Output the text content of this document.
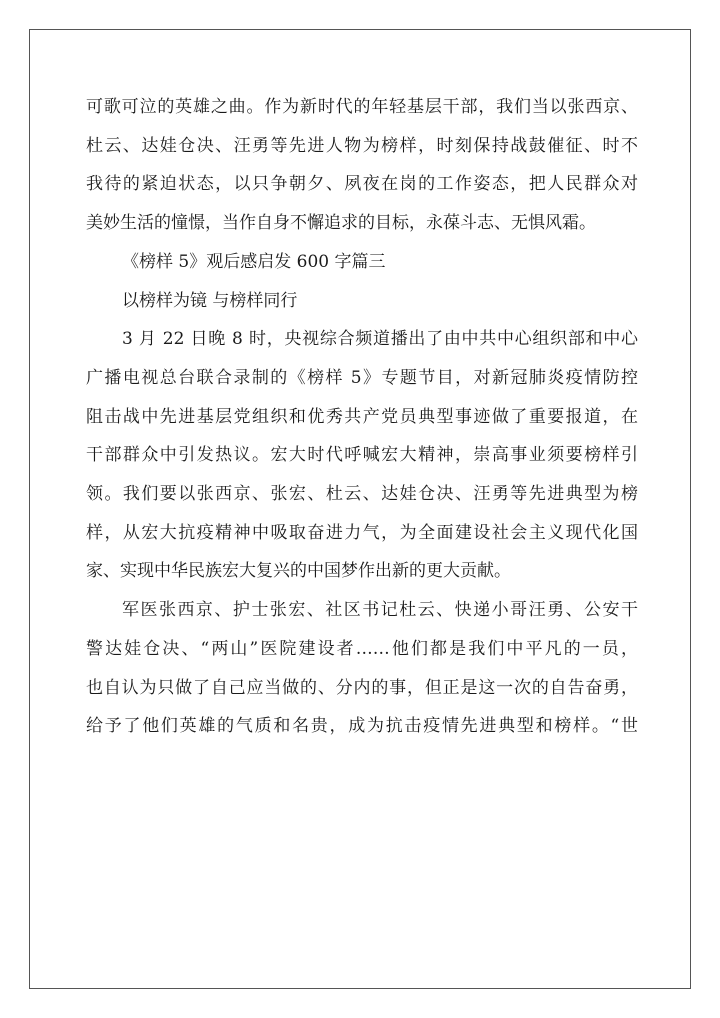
可歌可泣的英雄之曲。作为新时代的年轻基层干部，我们当以张西京、

杜云、达娃仓决、汪勇等先进人物为榜样，时刻保持战鼓催征、时不

我待的紧迫状态，以只争朝夕、夙夜在岗的工作姿态，把人民群众对

美妙生活的憧憬，当作自身不懈追求的目标，永葆斗志、无惧风霜。

《榜样 5》观后感启发 600 字篇三

以榜样为镜 与榜样同行

3 月 22 日晚 8 时，央视综合频道播出了由中共中心组织部和中心

广播电视总台联合录制的《榜样 5》专题节目，对新冠肺炎疫情防控

阻击战中先进基层党组织和优秀共产党员典型事迹做了重要报道，在

干部群众中引发热议。宏大时代呼喊宏大精神，崇高事业须要榜样引

领。我们要以张西京、张宏、杜云、达娃仓决、汪勇等先进典型为榜

样，从宏大抗疫精神中吸取奋进力气，为全面建设社会主义现代化国

家、实现中华民族宏大复兴的中国梦作出新的更大贡献。

军医张西京、护士张宏、社区书记杜云、快递小哥汪勇、公安干

警达娃仓决、“两山”医院建设者……他们都是我们中平凡的一员，

也自认为只做了自己应当做的、分内的事，但正是这一次的自告奋勇，

给予了他们英雄的气质和名贵，成为抗击疫情先进典型和榜样。“世
